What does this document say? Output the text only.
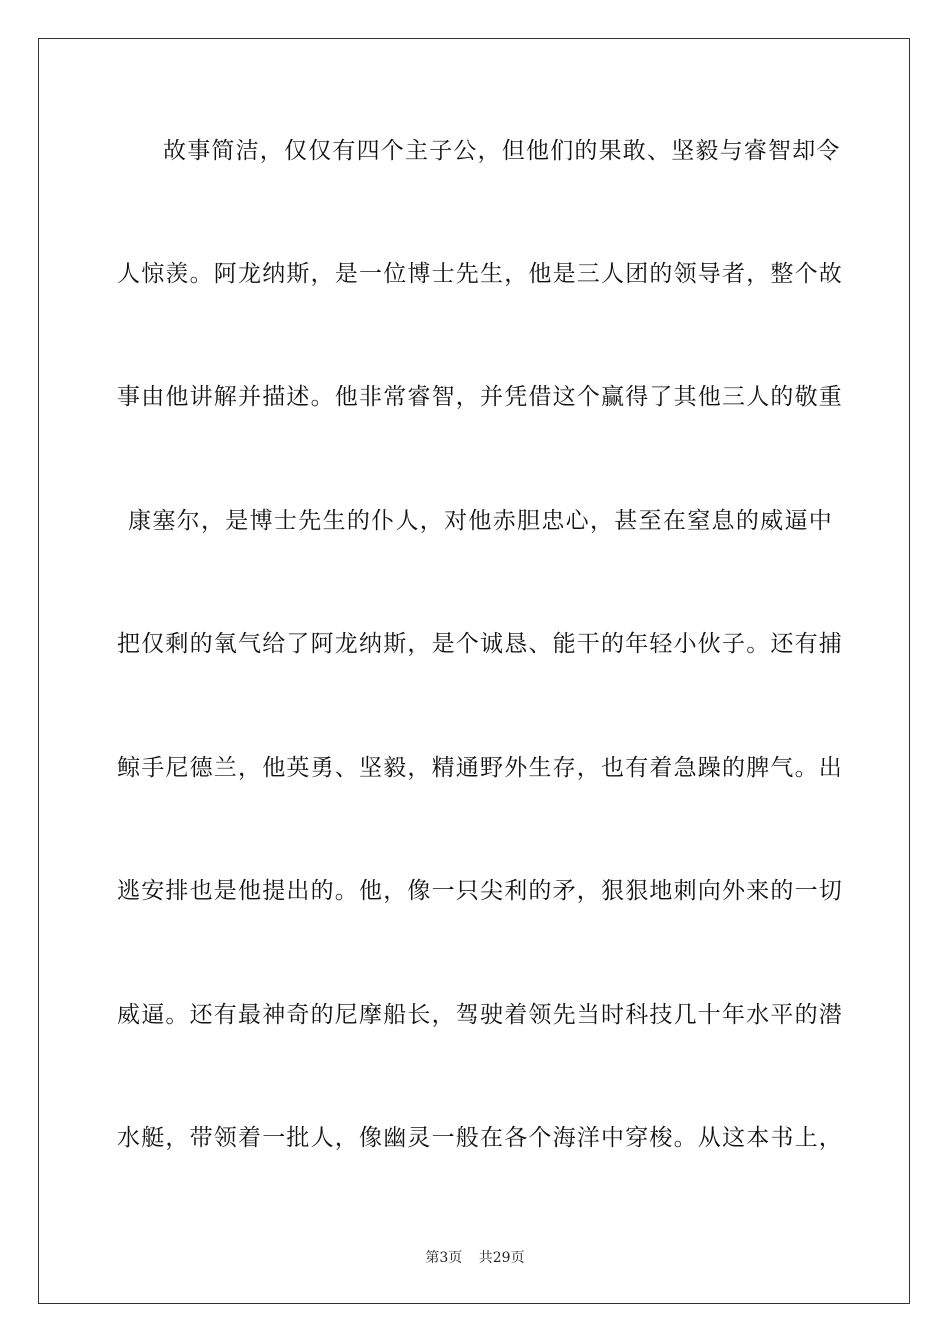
故事简洁，仅仅有四个主子公，但他们的果敢、坚毅与睿智却令
人惊羡。阿龙纳斯，是一位博士先生，他是三人团的领导者，整个故
事由他讲解并描述。他非常睿智，并凭借这个赢得了其他三人的敬重
康塞尔，是博士先生的仆人，对他赤胆忠心，甚至在窒息的威逼中
把仅剩的氧气给了阿龙纳斯，是个诚恳、能干的年轻小伙子。还有捕
鲸手尼德兰，他英勇、坚毅，精通野外生存，也有着急躁的脾气。出
逃安排也是他提出的。他，像一只尖利的矛，狠狠地刺向外来的一切
威逼。还有最神奇的尼摩船长，驾驶着领先当时科技几十年水平的潜
水艇，带领着一批人，像幽灵一般在各个海洋中穿梭。从这本书上，
第3页 共29页
